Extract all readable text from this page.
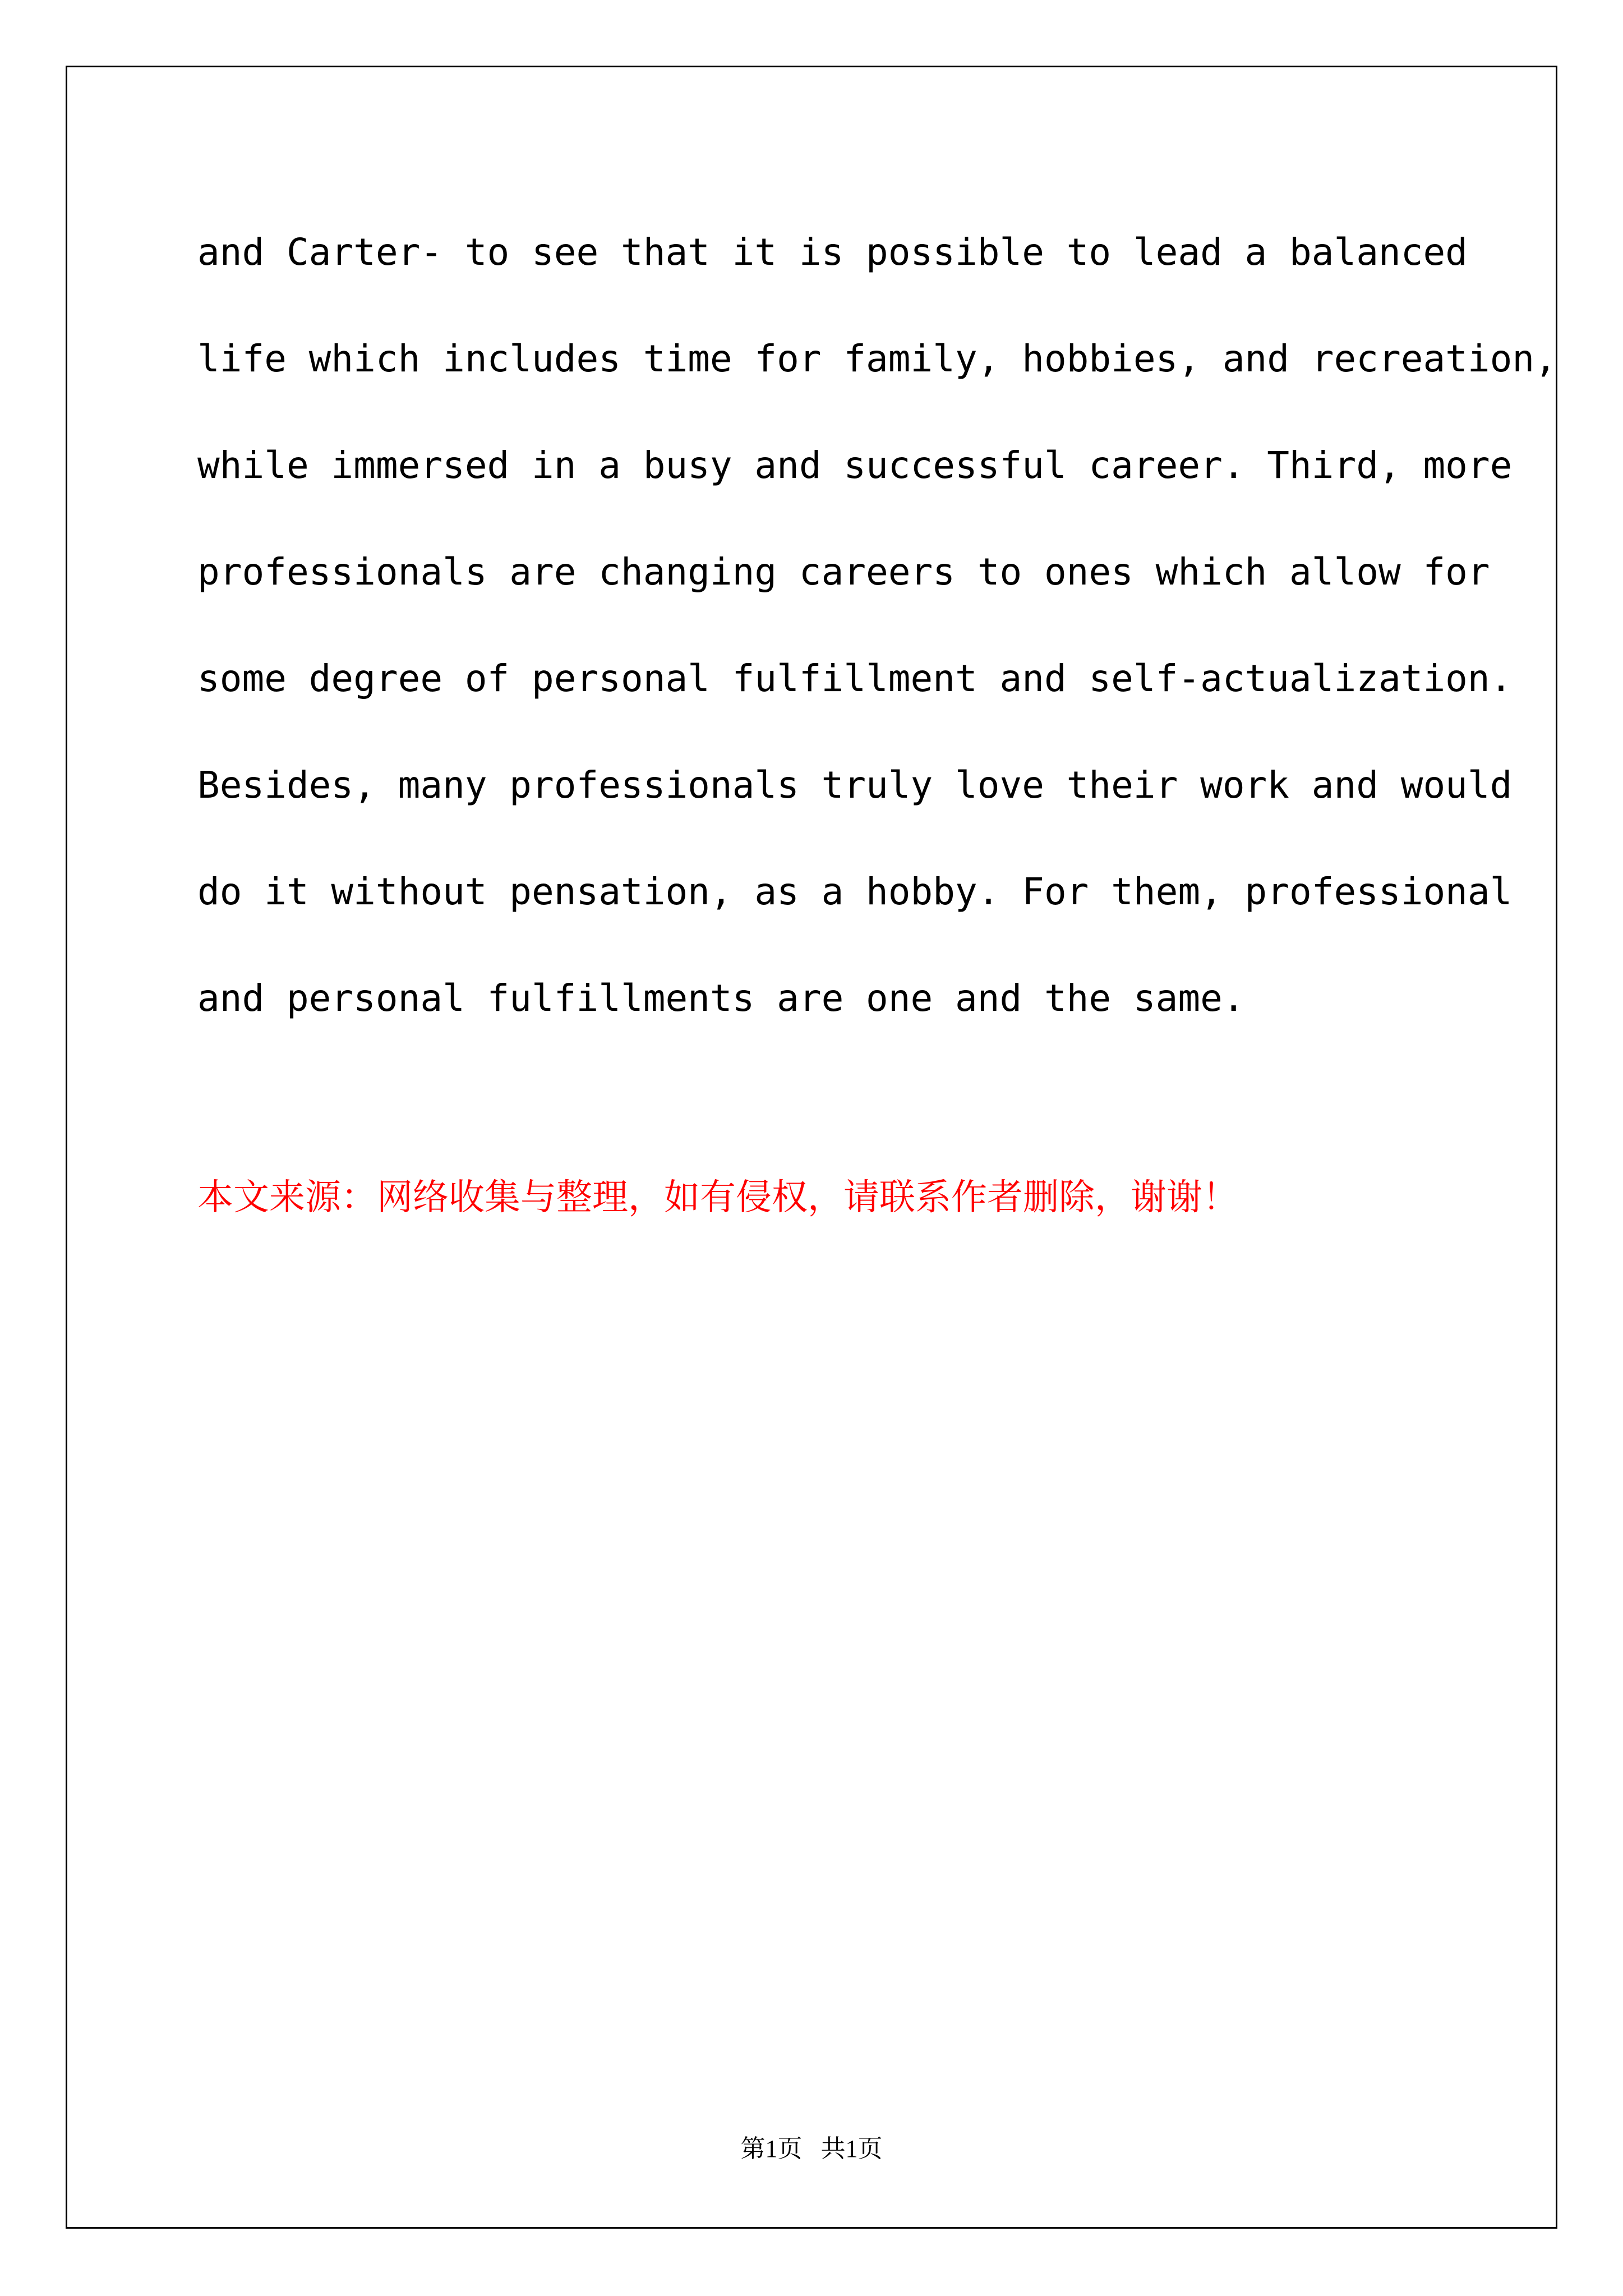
and Carter- to see that it is possible to lead a balanced
life which includes time for family, hobbies, and recreation,
while immersed in a busy and successful career. Third, more
professionals are changing careers to ones which allow for
some degree of personal fulfillment and self-actualization.
Besides, many professionals truly love their work and would
do it without pensation, as a hobby. For them, professional
and personal fulfillments are one and the same.
本文来源：网络收集与整理，如有侵权，请联系作者删除，谢谢！
第1页   共1页
